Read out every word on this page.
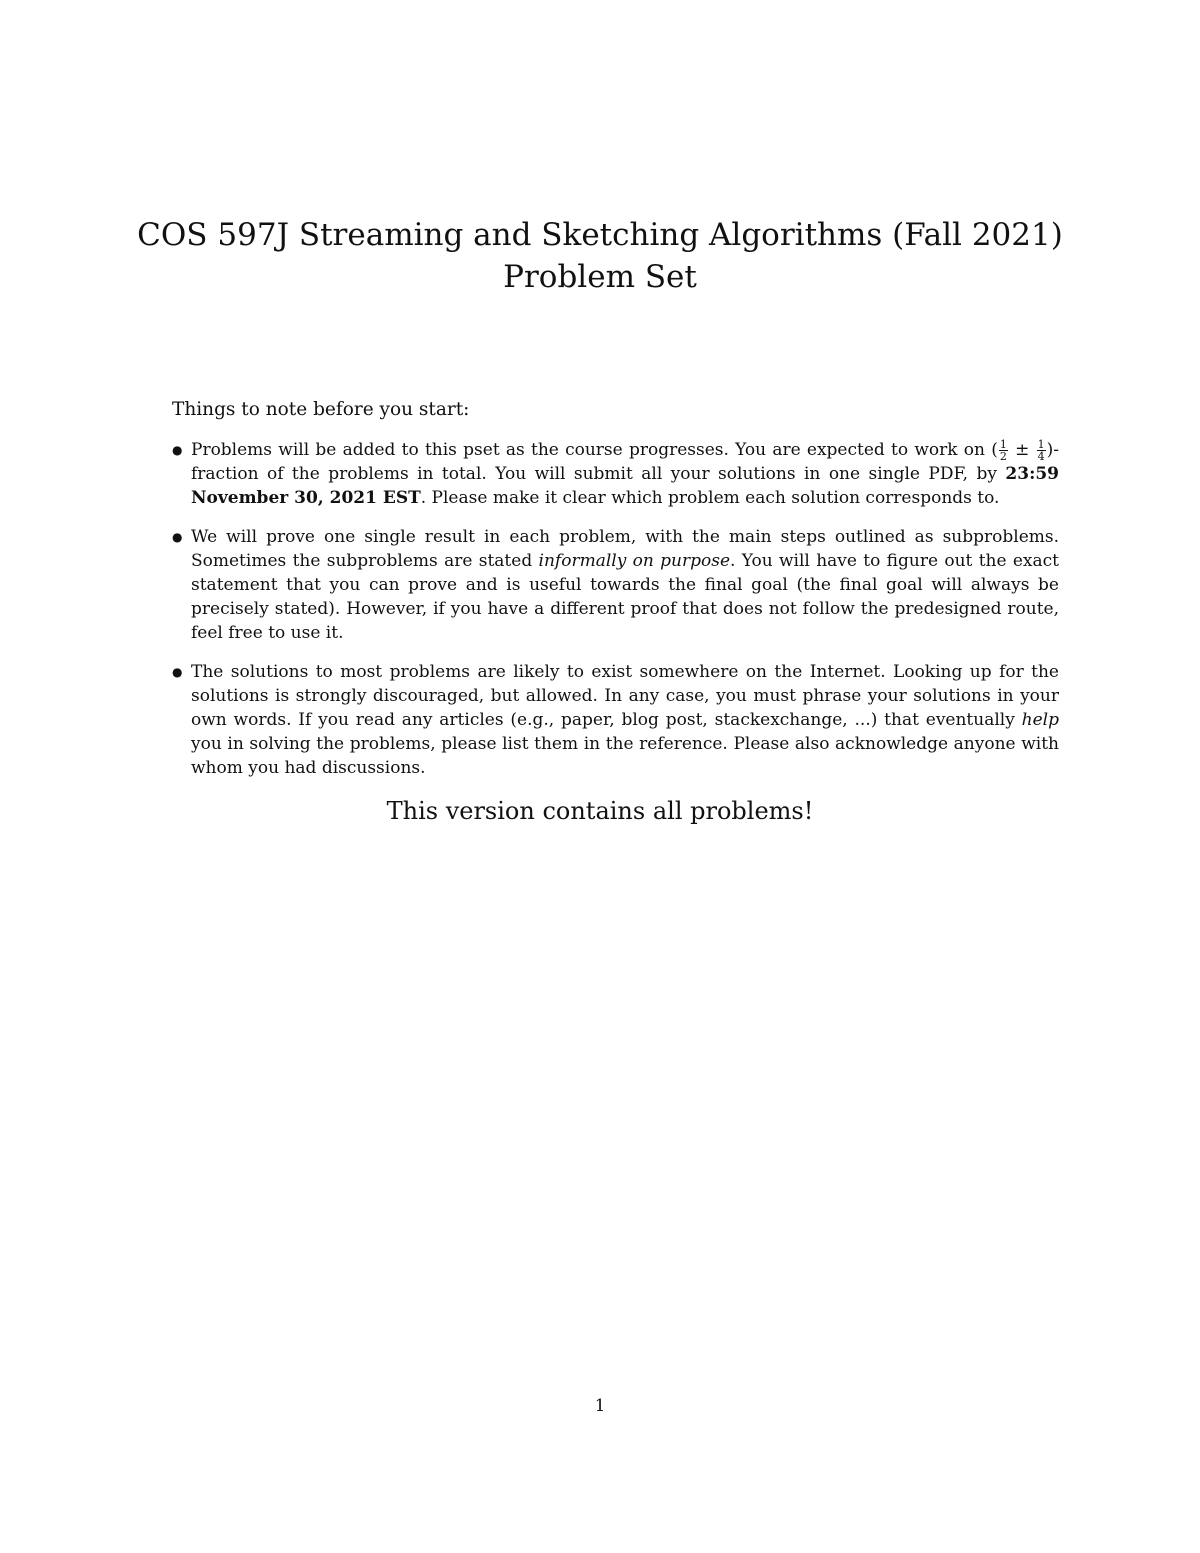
COS 597J Streaming and Sketching Algorithms (Fall 2021)
Problem Set

Things to note before you start:

● Problems will be added to this pset as the course progresses. You are expected to work on ( $\frac{1}{2} \pm \frac{1}{4}$ )-fraction of the problems in total. You will submit all your solutions in one single PDF, by 23:59 November 30, 2021 EST. Please make it clear which problem each solution corresponds to.
● We will prove one single result in each problem, with the main steps outlined as subproblems. Sometimes the subproblems are stated informally on purpose. You will have to figure out the exact statement that you can prove and is useful towards the final goal (the final goal will always be precisely stated). However, if you have a different proof that does not follow the predesigned route, feel free to use it.
● The solutions to most problems are likely to exist somewhere on the Internet. Looking up for the solutions is strongly discouraged, but allowed. In any case, you must phrase your solutions in your own words. If you read any articles (e.g., paper, blog post, stackexchange, ...) that eventually help you in solving the problems, please list them in the reference. Please also acknowledge anyone with whom you had discussions.

This version contains all problems!

1
